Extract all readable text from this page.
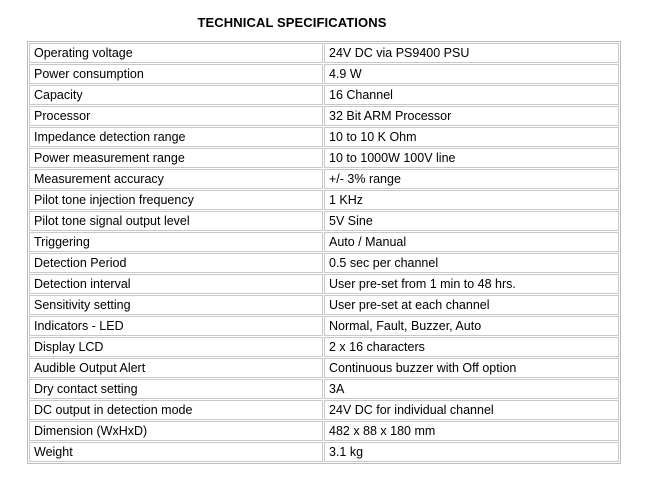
TECHNICAL SPECIFICATIONS
Operating voltage	24V DC via PS9400 PSU
Power consumption	4.9 W
Capacity	16 Channel
Processor	32 Bit ARM Processor
Impedance detection range	10 to 10 K Ohm
Power measurement range	10 to 1000W 100V line
Measurement accuracy	+/- 3% range
Pilot tone injection frequency	1 KHz
Pilot tone signal output level	5V Sine
Triggering	Auto / Manual
Detection Period	0.5 sec per channel
Detection interval	User pre-set from 1 min to 48 hrs.
Sensitivity setting	User pre-set at each channel
Indicators - LED	Normal, Fault, Buzzer, Auto
Display LCD	2 x 16 characters
Audible Output Alert	Continuous buzzer with Off option
Dry contact setting	3A
DC output in detection mode	24V DC for individual channel
Dimension (WxHxD)	482 x 88 x 180 mm
Weight	3.1 kg
